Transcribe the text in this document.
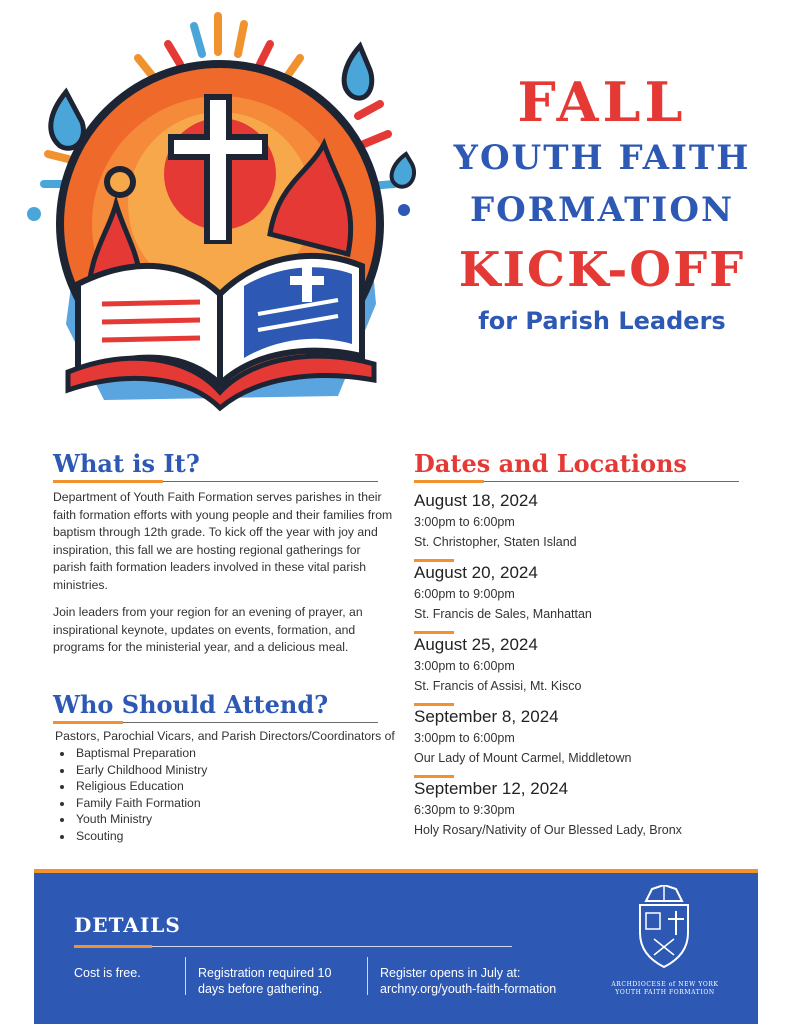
FALL
YOUTH FAITH
FORMATION
KICK-OFF
for Parish Leaders
What is It?
Department of Youth Faith Formation serves parishes in their faith formation efforts with young people and their families from baptism through 12th grade. To kick off the year with joy and inspiration, this fall we are hosting regional gatherings for parish faith formation leaders involved in these vital parish ministries.
Join leaders from your region for an evening of prayer, an inspirational keynote, updates on events, formation, and programs for the ministerial year, and a delicious meal.
Who Should Attend?
Pastors, Parochial Vicars, and Parish Directors/Coordinators of
• Baptismal Preparation
• Early Childhood Ministry
• Religious Education
• Family Faith Formation
• Youth Ministry
• Scouting
Dates and Locations
August 18, 2024
3:00pm to 6:00pm
St. Christopher, Staten Island
August 20, 2024
6:00pm to 9:00pm
St. Francis de Sales, Manhattan
August 25, 2024
3:00pm to 6:00pm
St. Francis of Assisi, Mt. Kisco
September 8, 2024
3:00pm to 6:00pm
Our Lady of Mount Carmel, Middletown
September 12, 2024
6:30pm to 9:30pm
Holy Rosary/Nativity of Our Blessed Lady, Bronx
DETAILS
Cost is free.	Registration required 10
days before gathering.
Register opens in July at:
archny.org/youth-faith-formation	ARCHDIOCESE of NEW YORK
YOUTH FAITH FORMATION
